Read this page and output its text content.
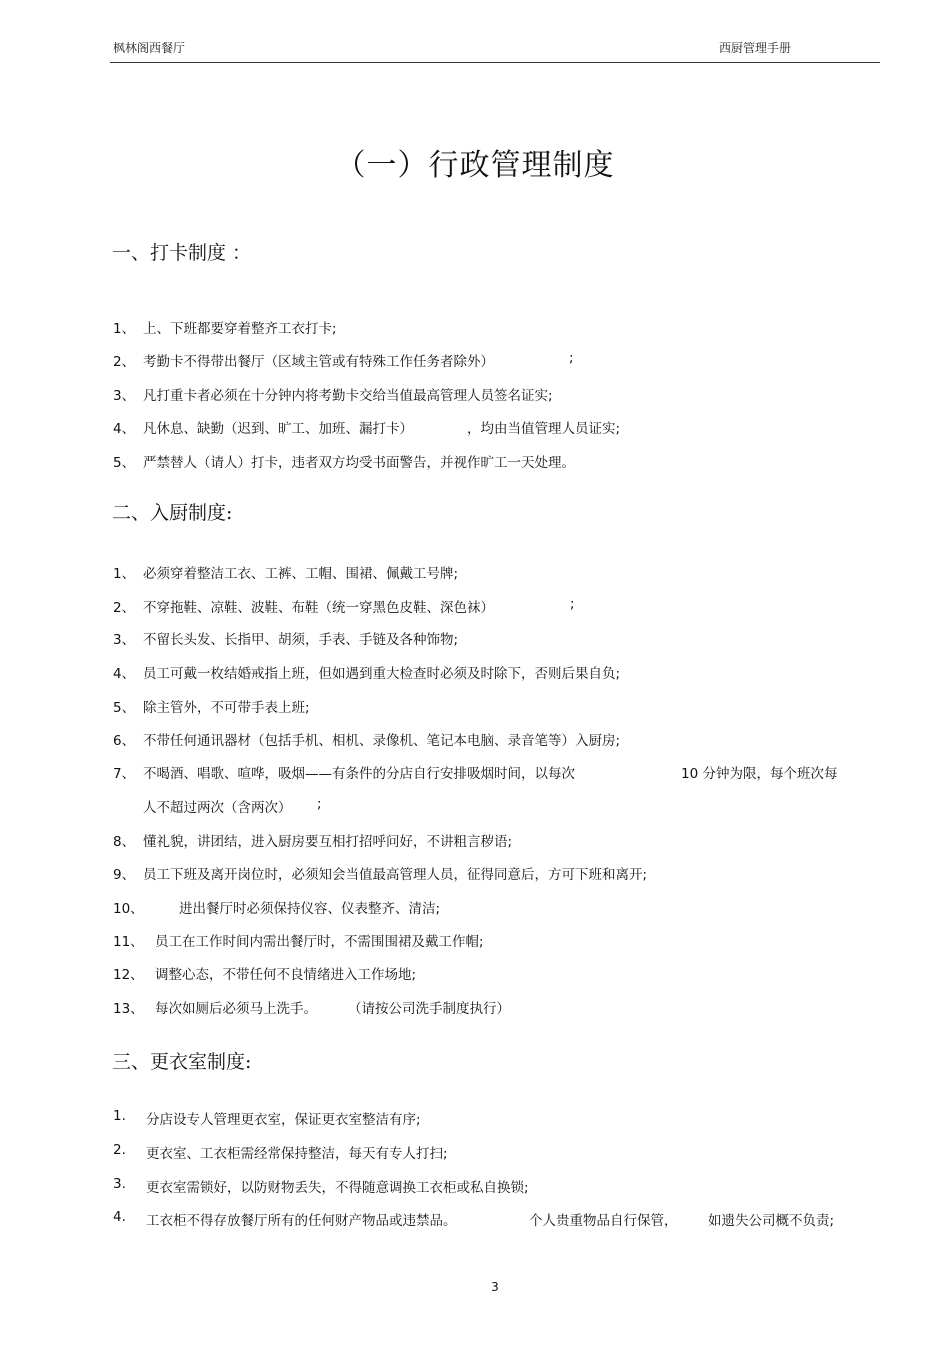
枫林阁西餐厅	西厨管理手册
（一）行政管理制度
一、打卡制度 ：
1、 上、下班都要穿着整齐工衣打卡;
2、 考勤卡不得带出餐厅（区域主管或有特殊工作任务者除外）	;
3、 凡打重卡者必须在十分钟内将考勤卡交给当值最高管理人员签名证实;
4、 凡休息、缺勤（迟到、旷工、加班、漏打卡）	，均由当值管理人员证实;
5、 严禁替人（请人）打卡，违者双方均受书面警告，并视作旷工一天处理。
二、入厨制度:
1、 必须穿着整洁工衣、工裤、工帽、围裙、佩戴工号牌;
2、 不穿拖鞋、凉鞋、波鞋、布鞋（统一穿黑色皮鞋、深色袜）	;
3、 不留长头发、长指甲、胡须，手表、手链及各种饰物;
4、 员工可戴一枚结婚戒指上班，但如遇到重大检查时必须及时除下，否则后果自负;
5、 除主管外，不可带手表上班;
6、 不带任何通讯器材（包括手机、相机、录像机、笔记本电脑、录音笔等）入厨房;
7、 不喝酒、唱歌、喧哗，吸烟——有条件的分店自行安排吸烟时间，以每次	10 分钟为限，每个班次每
人不超过两次（含两次） ;
8、 懂礼貌，讲团结，进入厨房要互相打招呼问好，不讲粗言秽语;
9、 员工下班及离开岗位时，必须知会当值最高管理人员，征得同意后，方可下班和离开;
10、	进出餐厅时必须保持仪容、仪表整齐、清洁;
11、 员工在工作时间内需出餐厅时，不需围围裙及戴工作帽;
12、 调整心态，不带任何不良情绪进入工作场地;
13、 每次如厕后必须马上洗手。 （请按公司洗手制度执行）
三、更衣室制度:
1. 分店设专人管理更衣室，保证更衣室整洁有序;
2. 更衣室、工衣柜需经常保持整洁，每天有专人打扫;
3. 更衣室需锁好，以防财物丢失，不得随意调换工衣柜或私自换锁;
4. 工衣柜不得存放餐厅所有的任何财产物品或违禁品。	个人贵重物品自行保管， 如遗失公司概不负责;
3
